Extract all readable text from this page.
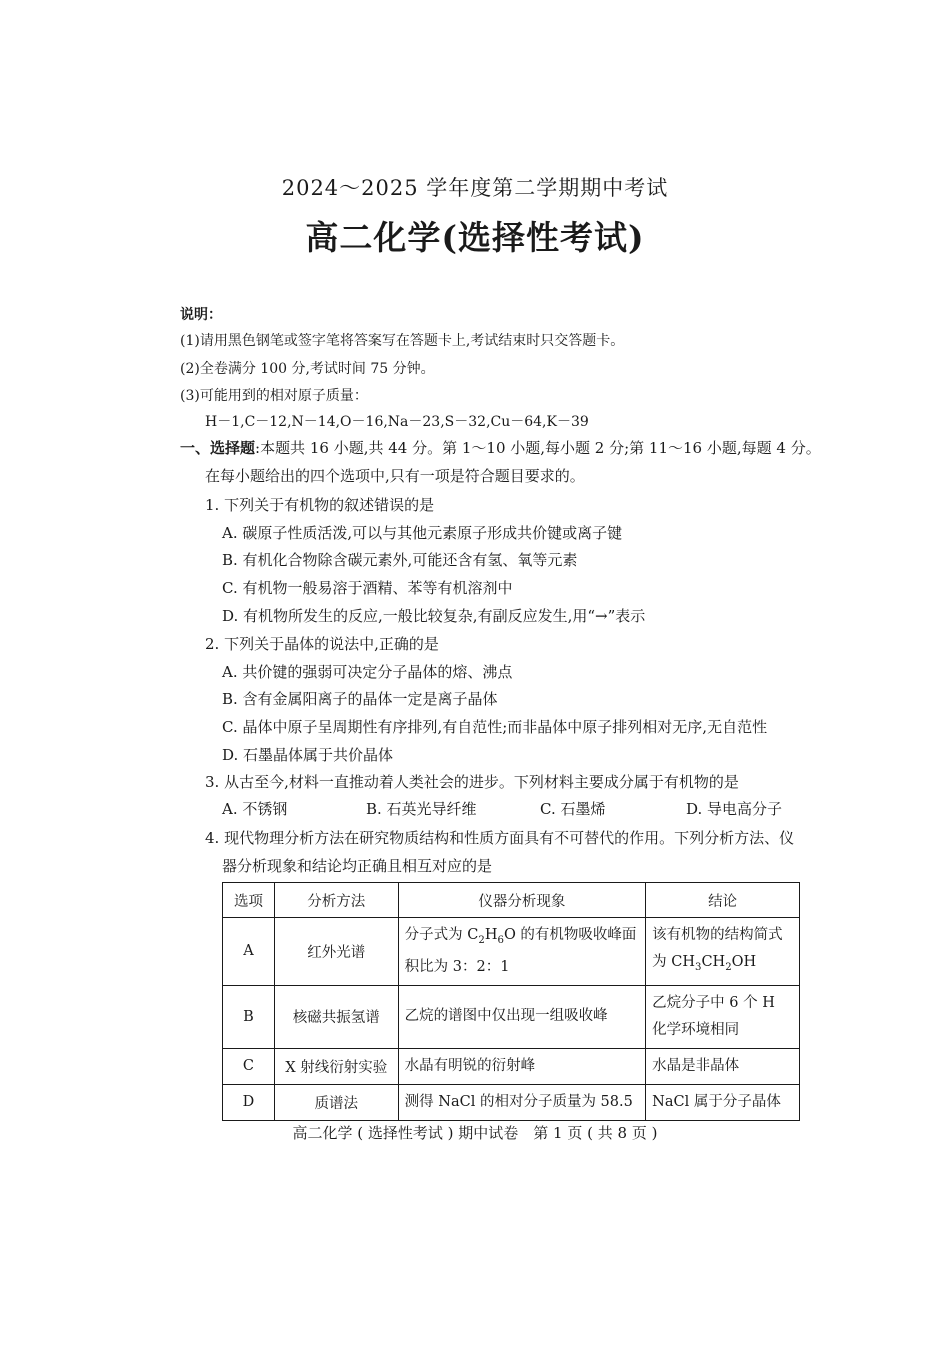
2024～2025 学年度第二学期期中考试

高二化学(选择性考试)

说明：
(1)请用黑色钢笔或签字笔将答案写在答题卡上,考试结束时只交答题卡。
(2)全卷满分 100 分,考试时间 75 分钟。
(3)可能用到的相对原子质量：
H－1,C－12,N－14,O－16,Na－23,S－32,Cu－64,K－39
一、选择题:本题共 16 小题,共 44 分。第 1～10 小题,每小题 2 分;第 11～16 小题,每题 4 分。
在每小题给出的四个选项中,只有一项是符合题目要求的。
1. 下列关于有机物的叙述错误的是
A. 碳原子性质活泼,可以与其他元素原子形成共价键或离子键
B. 有机化合物除含碳元素外,可能还含有氢、氧等元素
C. 有机物一般易溶于酒精、苯等有机溶剂中
D. 有机物所发生的反应,一般比较复杂,有副反应发生,用“→”表示
2. 下列关于晶体的说法中,正确的是
A. 共价键的强弱可决定分子晶体的熔、沸点
B. 含有金属阳离子的晶体一定是离子晶体
C. 晶体中原子呈周期性有序排列,有自范性;而非晶体中原子排列相对无序,无自范性
D. 石墨晶体属于共价晶体
3. 从古至今,材料一直推动着人类社会的进步。下列材料主要成分属于有机物的是
A. 不锈钢	B. 石英光导纤维	C. 石墨烯	D. 导电高分子
4. 现代物理分析方法在研究物质结构和性质方面具有不可替代的作用。下列分析方法、仪
器分析现象和结论均正确且相互对应的是
选项	分析方法	仪器分析现象	结论
A	红外光谱	分子式为 $C_2H_6O$ 的有机物吸收峰面积比为 3：2：1	该有机物的结构简式为 $CH_3CH_2OH$
B	核磁共振氢谱	乙烷的谱图中仅出现一组吸收峰	乙烷分子中 6 个 H 化学环境相同
C	X 射线衍射实验	水晶有明锐的衍射峰	水晶是非晶体
D	质谱法	测得 NaCl 的相对分子质量为 58.5	NaCl 属于分子晶体
高二化学 ( 选择性考试 ) 期中试卷　第 1 页 ( 共 8 页 )
